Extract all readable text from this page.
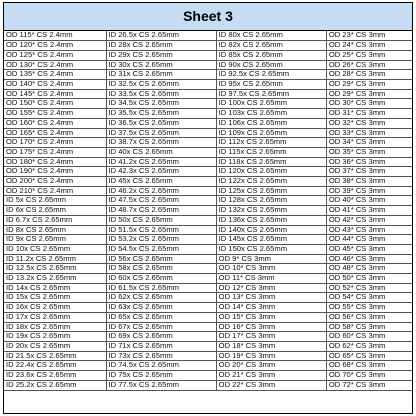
Sheet 3
OD 115* CS 2.4mm	ID 26.5x CS 2.65mm	ID 80x CS 2.65mm	OD 23* CS 3mm
OD 120* CS 2.4mm	ID 28x CS 2.65mm	ID 82x CS 2.65mm	OD 24* CS 3mm
OD 125* CS 2.4mm	ID 29x CS 2.65mm	ID 85x CS 2.65mm	OD 25* CS 3mm
OD 130* CS 2.4mm	ID 30x CS 2.65mm	ID 90x CS 2.65mm	OD 26* CS 3mm
OD 135* CS 2.4mm	ID 31x CS 2.65mm	ID 92.5x CS 2.65mm	OD 28* CS 3mm
OD 140* CS 2.4mm	ID 32.5x CS 2.65mm	ID 95x CS 2.65mm	OD 29* CS 3mm
OD 145* CS 2.4mm	ID 33.5x CS 2.65mm	ID 97.5x CS 2.65mm	OD 29* CS 3mm
OD 150* CS 2.4mm	ID 34.5x CS 2.65mm	ID 100x CS 2.65mm	OD 30* CS 3mm
OD 155* CS 2.4mm	ID 35.5x CS 2.65mm	ID 103x CS 2.65mm	OD 31* CS 3mm
OD 160* CS 2.4mm	ID 36.5x CS 2.65mm	ID 106x CS 2.65mm	OD 32* CS 3mm
OD 165* CS 2.4mm	ID 37.5x CS 2.65mm	ID 109x CS 2.65mm	OD 33* CS 3mm
OD 170* CS 2.4mm	ID 38.7x CS 2.65mm	ID 112x CS 2.65mm	OD 34* CS 3mm
OD 175* CS 2.4mm	ID 40x CS 2.65mm	ID 115x CS 2.65mm	OD 35* CS 3mm
OD 180* CS 2.4mm	ID 41.2x CS 2.65mm	ID 118x CS 2.65mm	OD 36* CS 3mm
OD 190* CS 2.4mm	ID 42.3x CS 2.65mm	ID 120x CS 2.65mm	OD 37* CS 3mm
OD 200* CS 2.4mm	ID 45x CS 2.65mm	ID 122x CS 2.65mm	OD 38* CS 3mm
OD 210* CS 2.4mm	ID 46.2x CS 2.65mm	ID 125x CS 2.65mm	OD 39* CS 3mm
ID 5x CS 2.65mm	ID 47.5x CS 2.65mm	ID 128x CS 2.65mm	OD 40* CS 3mm
ID 6x CS 2.65mm	ID 48.7x CS 2.65mm	ID 132x CS 2.65mm	OD 41* CS 3mm
ID 6.7x CS 2.65mm	ID 50x CS 2.65mm	ID 136x CS 2.65mm	OD 42* CS 3mm
ID 8x CS 2.65mm	ID 51.5x CS 2.65mm	ID 140x CS 2.65mm	OD 43* CS 3mm
ID 9x CS 2.65mm	ID 53.2x CS 2.65mm	ID 145x CS 2.65mm	OD 44* CS 3mm
ID 10x CS 2.65mm	ID 54.5x CS 2.65mm	ID 150x CS 2.65mm	OD 45* CS 3mm
ID 11.2x CS 2.65mm	ID 56x CS 2.65mm	OD 9* CS 3mm	OD 46* CS 3mm
ID 12.5x CS 2.65mm	ID 58x CS 2.65mm	OD 10* CS 3mm	OD 48* CS 3mm
ID 13.2x CS 2.65mm	ID 60x CS 2.65mm	OD 11* CS 3mm	OD 50* CS 3mm
ID 14x CS 2.65mm	ID 61.5x CS 2.65mm	OD 12* CS 3mm	OD 52* CS 3mm
ID 15x CS 2.65mm	ID 62x CS 2.65mm	OD 13* CS 3mm	OD 54* CS 3mm
ID 16x CS 2.65mm	ID 63x CS 2.65mm	OD 14* CS 3mm	OD 55* CS 3mm
ID 17x CS 2.65mm	ID 65x CS 2.65mm	OD 15* CS 3mm	OD 56* CS 3mm
ID 18x CS 2.65mm	ID 67x CS 2.65mm	OD 16* CS 3mm	OD 58* CS 3mm
ID 19x CS 2.65mm	ID 69x CS 2.65mm	OD 17* CS 3mm	OD 60* CS 3mm
ID 20x CS 2.65mm	ID 71x CS 2.65mm	OD 18* CS 3mm	OD 62* CS 3mm
ID 21.5x CS 2.65mm	ID 73x CS 2.65mm	OD 19* CS 3mm	OD 65* CS 3mm
ID 22.4x CS 2.65mm	ID 74.5x CS 2.65mm	OD 20* CS 3mm	OD 68* CS 3mm
ID 23.6x CS 2.65mm	ID 75x CS 2.65mm	OD 21* CS 3mm	OD 70* CS 3mm
ID 25.2x CS 2.65mm	ID 77.5x CS 2.65mm	OD 22* CS 3mm	OD 72* CS 3mm
